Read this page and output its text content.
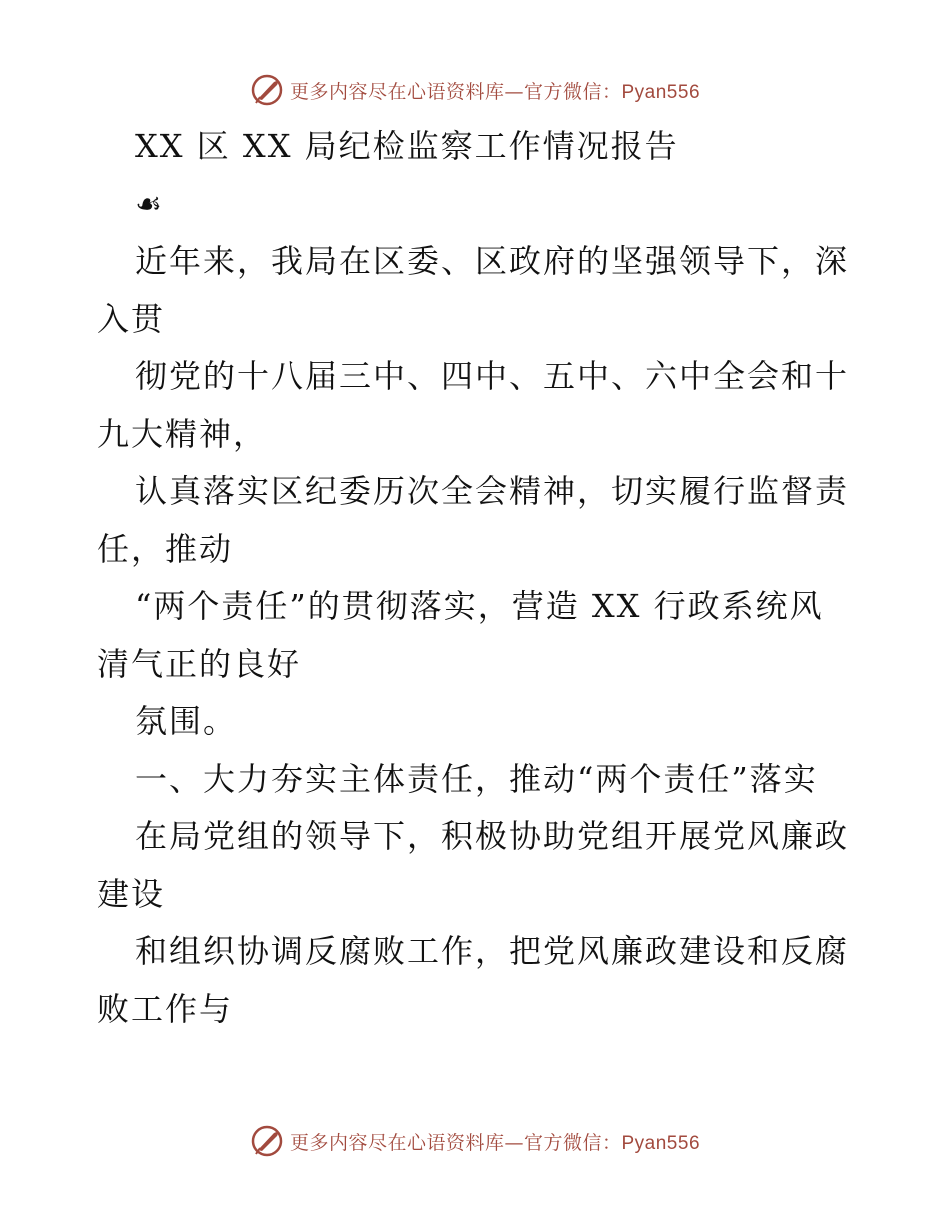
更多内容尽在心语资料库—官方微信：Pyan556
XX 区 XX 局纪检监察工作情况报告
☙
近年来，我局在区委、区政府的坚强领导下，深
入贯
彻党的十八届三中、四中、五中、六中全会和十
九大精神，
认真落实区纪委历次全会精神，切实履行监督责
任，推动
“两个责任”的贯彻落实，营造 XX 行政系统风
清气正的良好
氛围。
一、大力夯实主体责任，推动“两个责任”落实
在局党组的领导下，积极协助党组开展党风廉政
建设
和组织协调反腐败工作，把党风廉政建设和反腐
败工作与
更多内容尽在心语资料库—官方微信：Pyan556
